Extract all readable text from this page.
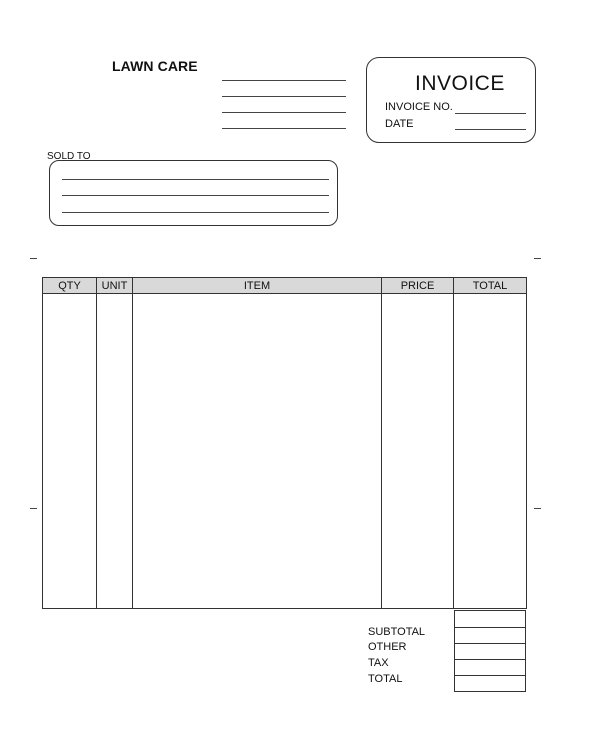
LAWN CARE
INVOICE
INVOICE NO.
DATE
SOLD TO
QTY	UNIT	ITEM	PRICE	TOTAL

SUBTOTAL
OTHER
TAX
TOTAL
